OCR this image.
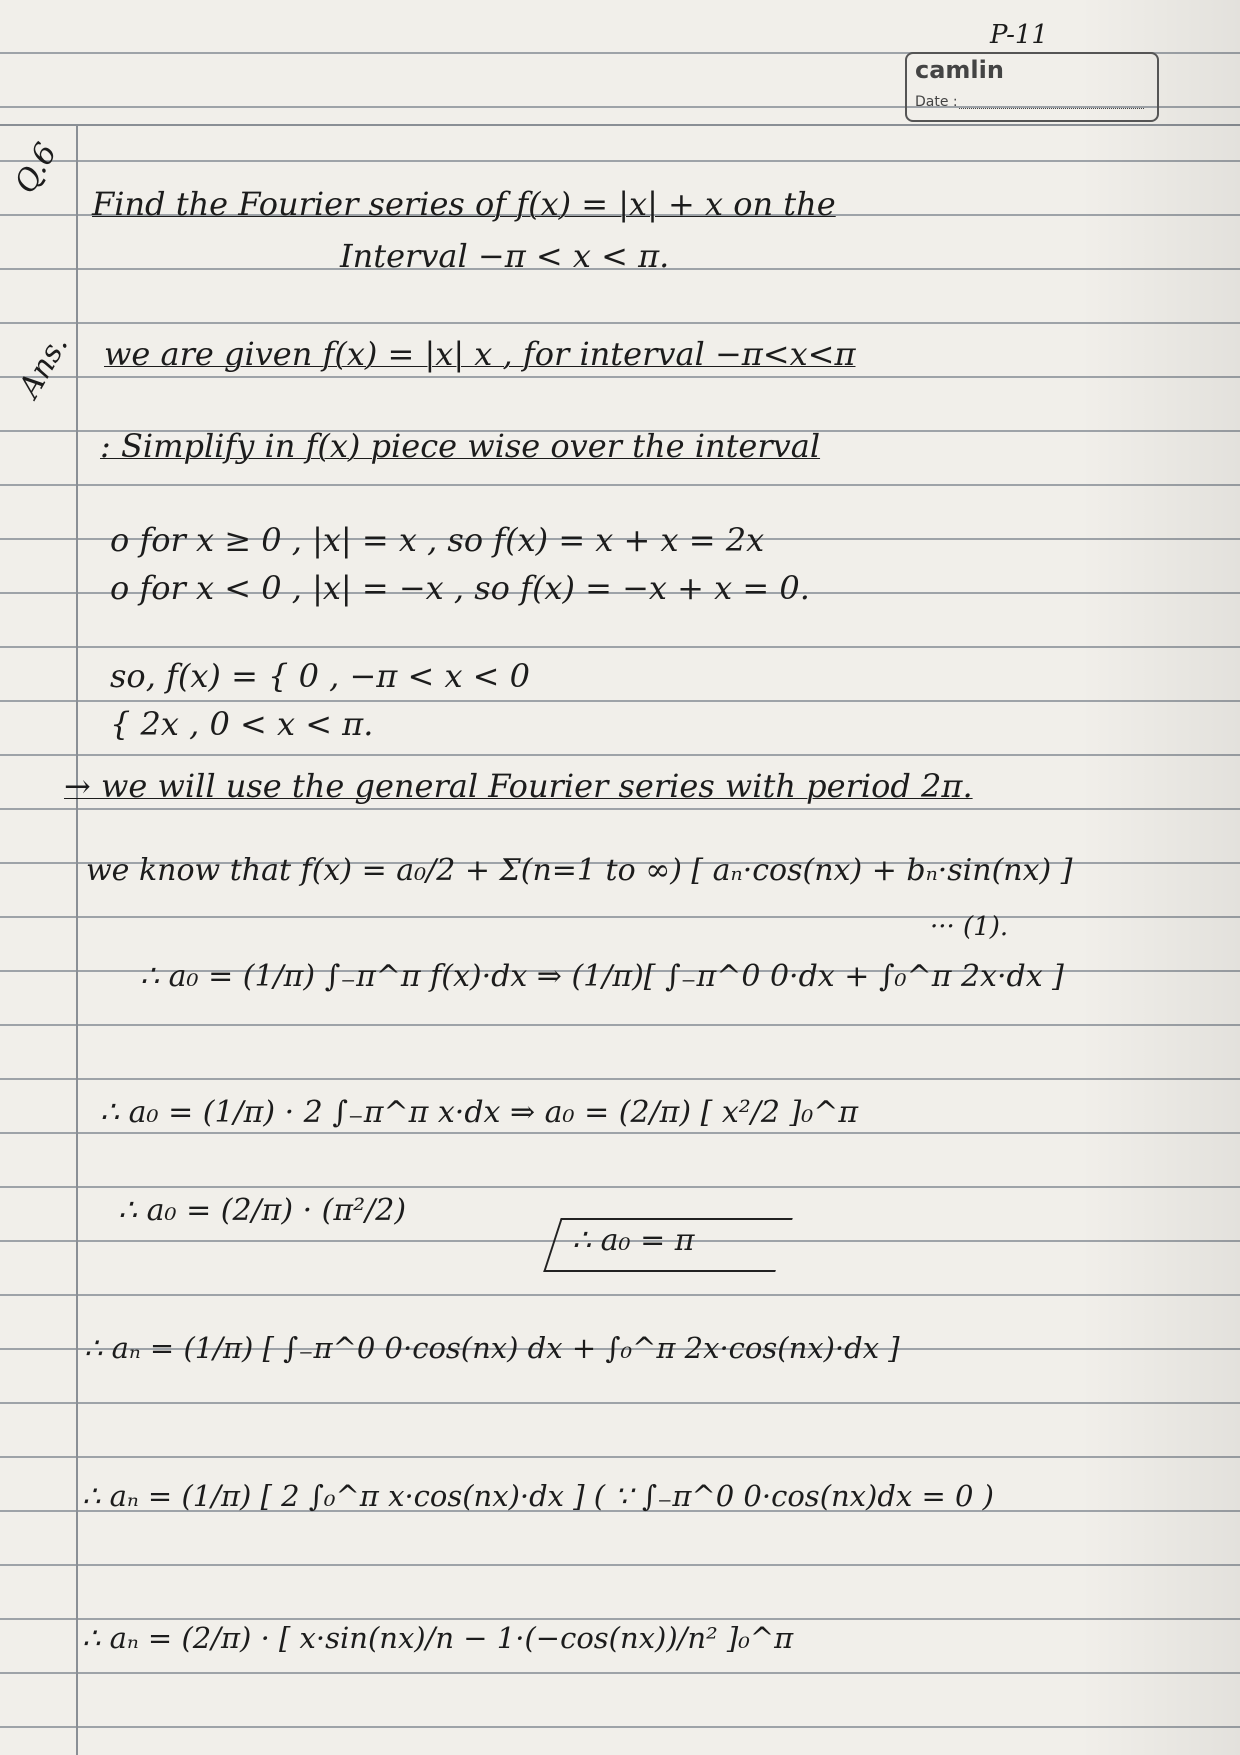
P-11
camlin
Date :
Q.6
Ans.
Find the Fourier series of f(x) = |x| + x on the
Interval −π < x < π.
we are given f(x) = |x| x , for interval −π<x<π
: Simplify in f(x) piece wise over the interval
o for x ≥ 0 , |x| = x , so f(x) = x + x = 2x
o for x < 0 , |x| = −x , so f(x) = −x + x = 0.
so, f(x) = { 0 , −π < x < 0
{ 2x , 0 < x < π.
→ we will use the general Fourier series with period 2π.
we know that f(x) = a₀/2 + Σ(n=1 to ∞) [ aₙ·cos(nx) + bₙ·sin(nx) ]
··· (1).
∴ a₀ = (1/π) ∫₋π^π f(x)·dx ⇒ (1/π)[ ∫₋π^0 0·dx + ∫₀^π 2x·dx ]
∴ a₀ = (1/π) · 2 ∫₋π^π x·dx ⇒ a₀ = (2/π) [ x²/2 ]₀^π
∴ a₀ = (2/π) · (π²/2)
∴ a₀ = π
∴ aₙ = (1/π) [ ∫₋π^0 0·cos(nx) dx + ∫₀^π 2x·cos(nx)·dx ]
∴ aₙ = (1/π) [ 2 ∫₀^π x·cos(nx)·dx ] ( ∵ ∫₋π^0 0·cos(nx)dx = 0 )
∴ aₙ = (2/π) · [ x·sin(nx)/n − 1·(−cos(nx))/n² ]₀^π
